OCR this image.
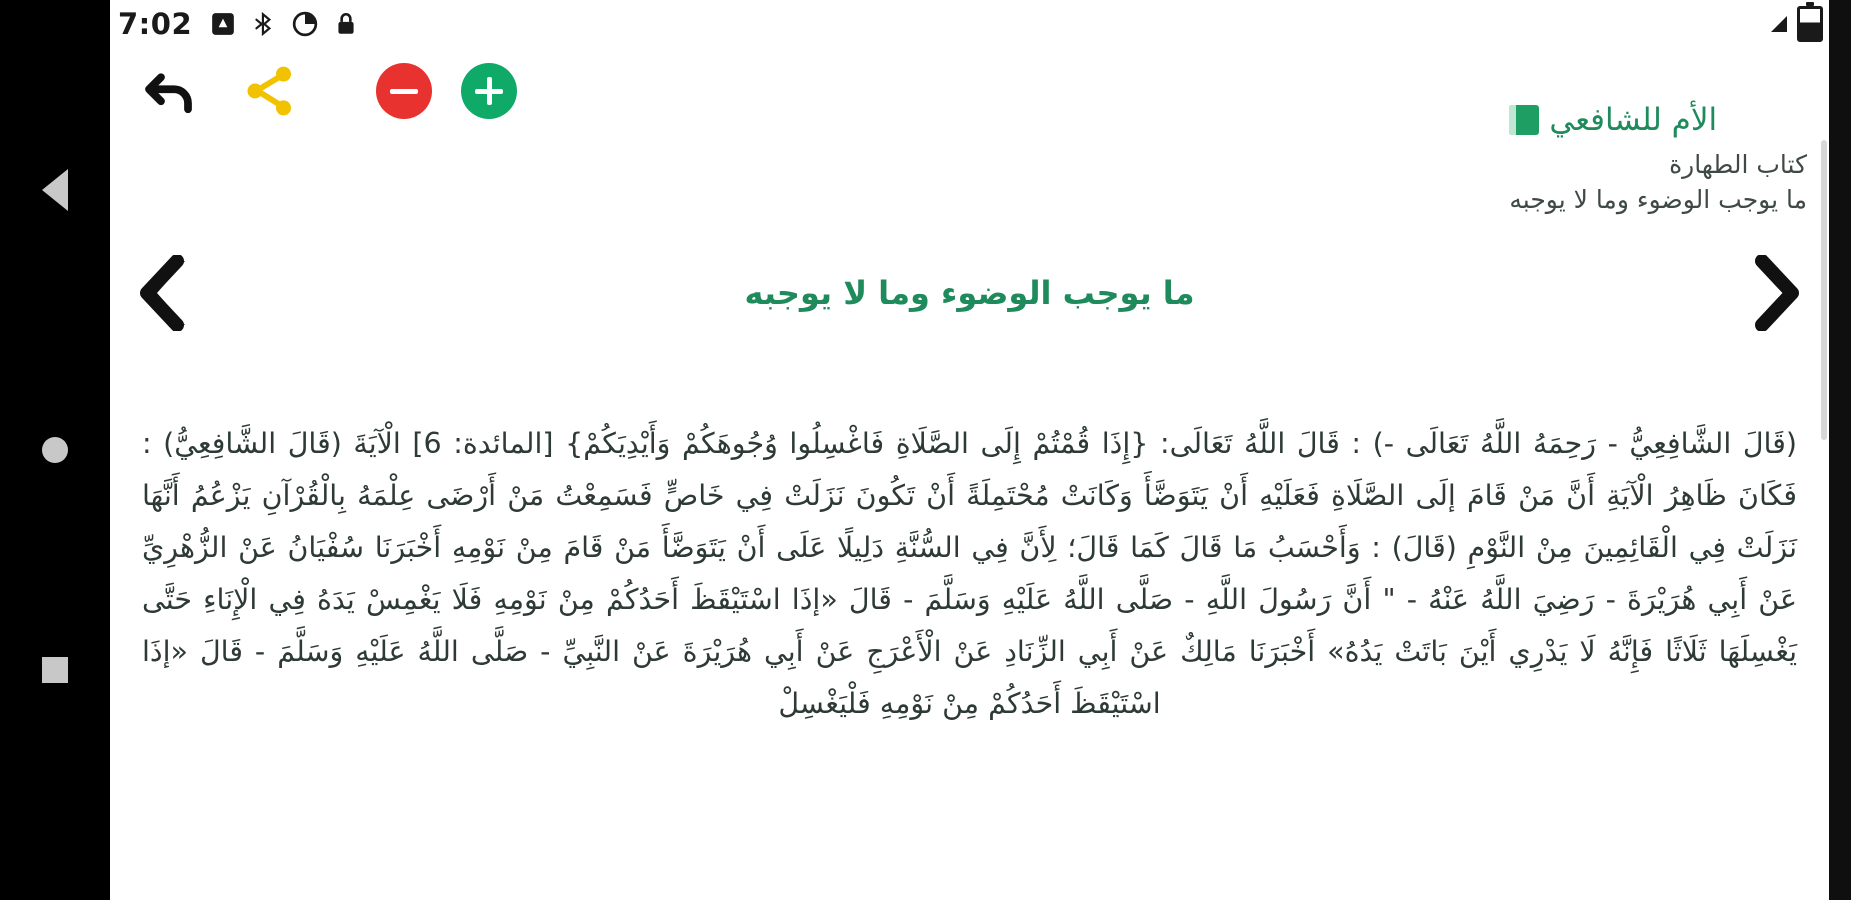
7:02
الأم للشافعي
كتاب الطهارة
ما يوجب الوضوء وما لا يوجبه
ما يوجب الوضوء وما لا يوجبه

(قَالَ الشَّافِعِيُّ - رَحِمَهُ اللَّهُ تَعَالَى -) : قَالَ اللَّهُ تَعَالَى: {إِذَا قُمْتُمْ إِلَى الصَّلَاةِ فَاغْسِلُوا وُجُوهَكُمْ وَأَيْدِيَكُمْ} [المائدة: 6] الْآيَةَ (قَالَ الشَّافِعِيُّ) : فَكَانَ ظَاهِرُ الْآيَةِ أَنَّ مَنْ قَامَ إلَى الصَّلَاةِ فَعَلَيْهِ أَنْ يَتَوَضَّأَ وَكَانَتْ مُحْتَمِلَةً أَنْ تَكُونَ نَزَلَتْ فِي خَاصٍّ فَسَمِعْتُ مَنْ أَرْضَى عِلْمَهُ بِالْقُرْآنِ يَزْعُمُ أَنَّهَا نَزَلَتْ فِي الْقَائِمِينَ مِنْ النَّوْمِ (قَالَ) : وَأَحْسَبُ مَا قَالَ كَمَا قَالَ؛ لِأَنَّ فِي السُّنَّةِ دَلِيلًا عَلَى أَنْ يَتَوَضَّأَ مَنْ قَامَ مِنْ نَوْمِهِ أَخْبَرَنَا سُفْيَانُ عَنْ الزُّهْرِيِّ عَنْ أَبِي هُرَيْرَةَ - رَضِيَ اللَّهُ عَنْهُ - " أَنَّ رَسُولَ اللَّهِ - صَلَّى اللَّهُ عَلَيْهِ وَسَلَّمَ - قَالَ «إذَا اسْتَيْقَظَ أَحَدُكُمْ مِنْ نَوْمِهِ فَلَا يَغْمِسْ يَدَهُ فِي الْإِنَاءِ حَتَّى يَغْسِلَهَا ثَلَاثًا فَإِنَّهُ لَا يَدْرِي أَيْنَ بَاتَتْ يَدُهُ» أَخْبَرَنَا مَالِكٌ عَنْ أَبِي الزِّنَادِ عَنْ الْأَعْرَجِ عَنْ أَبِي هُرَيْرَةَ عَنْ النَّبِيِّ - صَلَّى اللَّهُ عَلَيْهِ وَسَلَّمَ - قَالَ «إذَا اسْتَيْقَظَ أَحَدُكُمْ مِنْ نَوْمِهِ فَلْيَغْسِلْ
